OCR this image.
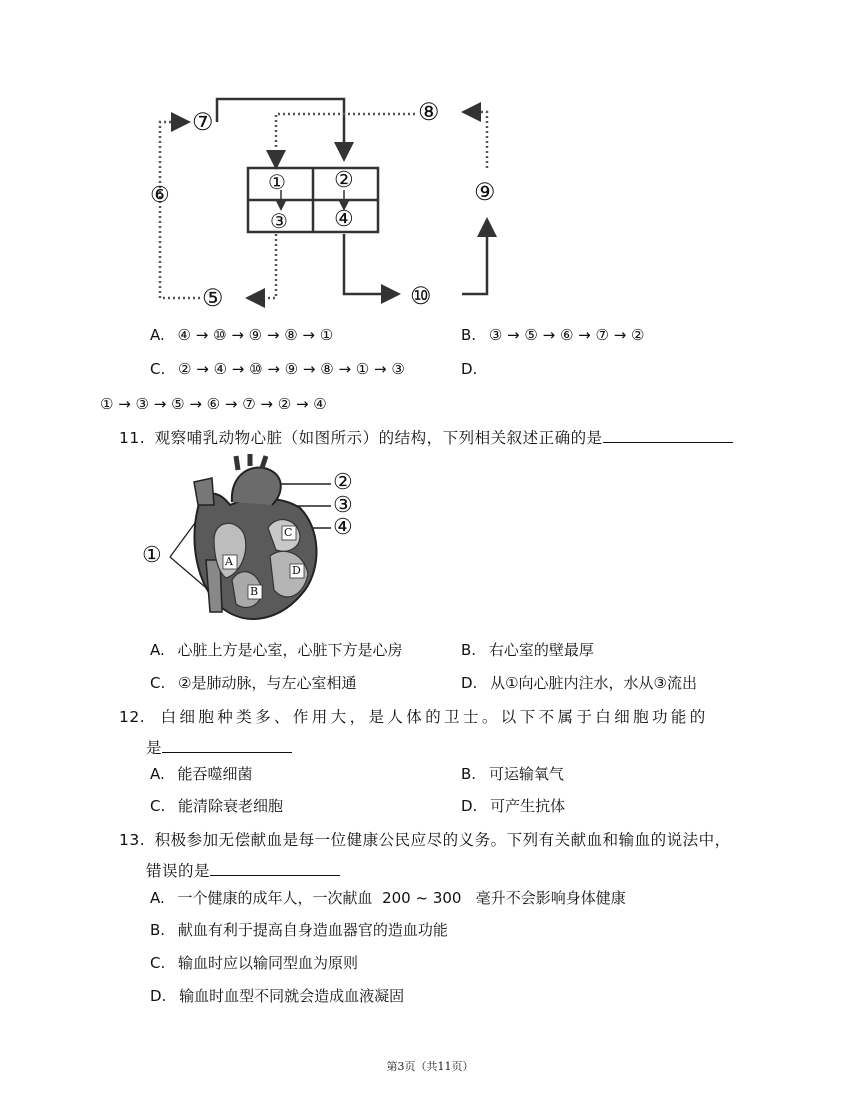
⑦	⑧
⑥	⑨
① ②
③ ④
⑤	⑩
A. ④ → ⑩ → ⑨ → ⑧ → ①	B. ③ → ⑤ → ⑥ → ⑦ → ②
C. ② → ④ → ⑩ → ⑨ → ⑧ → ① → ③	D.
① → ③ → ⑤ → ⑥ → ⑦ → ② → ④
11. 观察哺乳动物心脏（如图所示）的结构，下列相关叙述正确的是
②
③
④
①	A
B
C
D
A. 心脏上方是心室，心脏下方是心房	B. 右心室的壁最厚
C. ②是肺动脉，与左心室相通	D. 从①向心脏内注水，水从③流出
12. 白细胞种类多、作用大，是人体的卫士。以下不属于白细胞功能的
是
A. 能吞噬细菌	B. 可运输氧气
C. 能清除衰老细胞	D. 可产生抗体
13. 积极参加无偿献血是每一位健康公民应尽的义务。下列有关献血和输血的说法中，
错误的是
A. 一个健康的成年人，一次献血  200 ~ 300   毫升不会影响身体健康
B. 献血有利于提高自身造血器官的造血功能
C. 输血时应以输同型血为原则
D. 输血时血型不同就会造成血液凝固
第3页（共11页）
